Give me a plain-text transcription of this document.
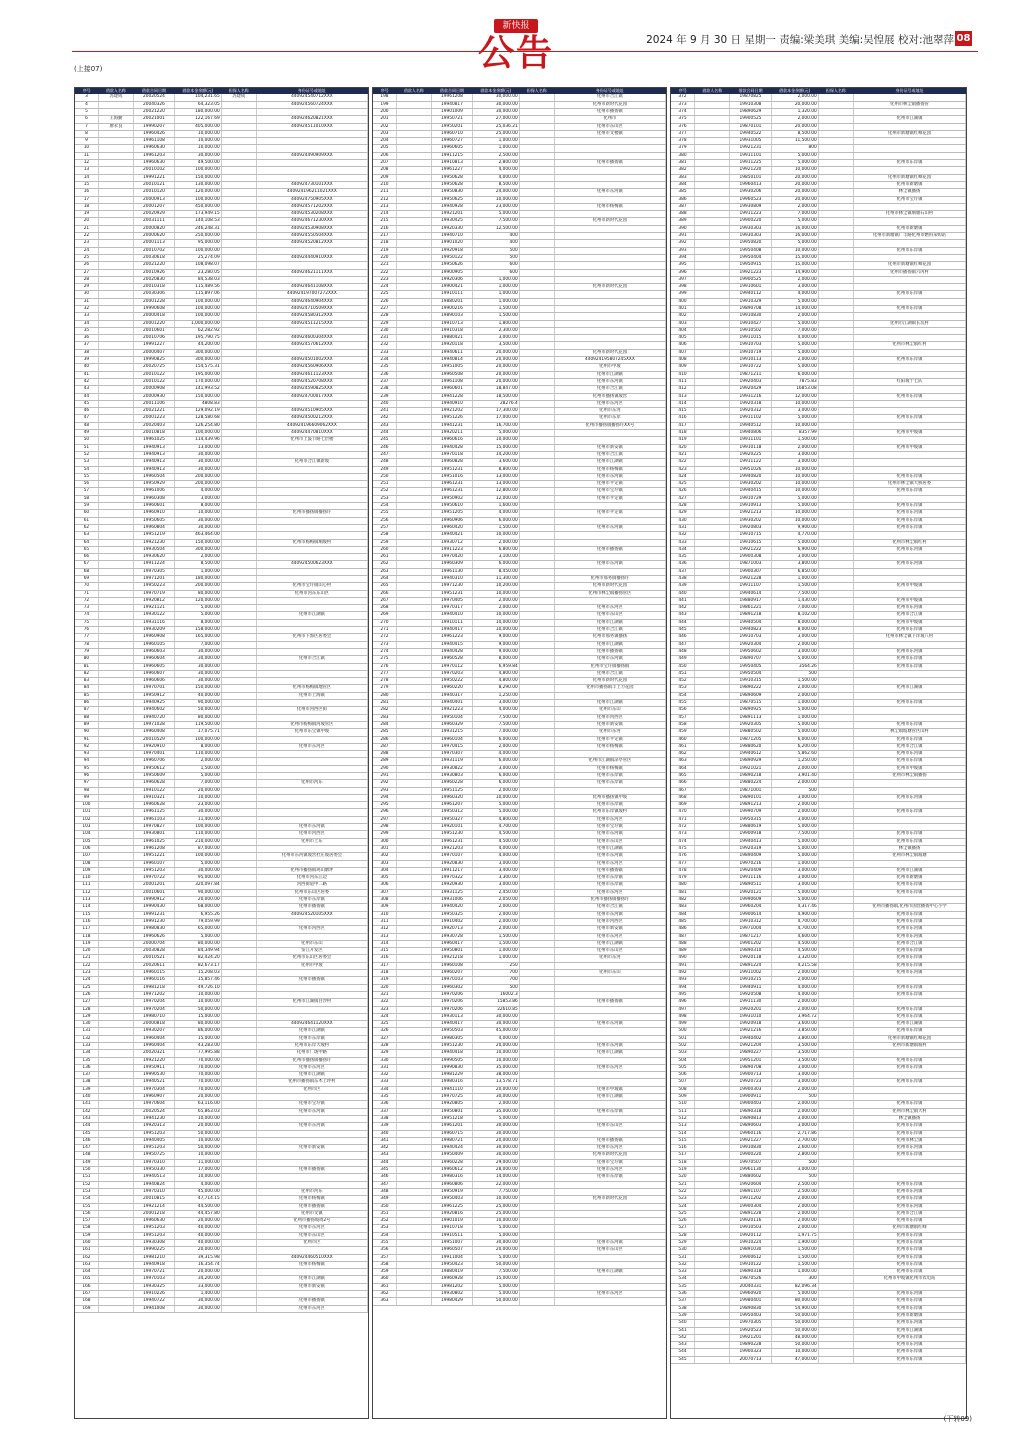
新快报
公告	2024 年 9 月 30 日 星期一 责编:梁美琪 美编:吴惶展 校对:池翠萍 08
(上接07)
序号	借款人名称	借款合同日期	借款本金余额(元)	担保人名称	身份证号或地址
3	苏建成	20020524	104,231.65	苏建成	440924540712XXX
4		20040326	64,323.05		440924560724XXX
5		20021220	180,000.00		
6	王海勤	20021001	122,167.69		440924620821XXX
7	廖永良	19990207	405,000.00		440924511010XXX
8		19960426	10,000.00		
9		19961108	10,000.00		
10		19960630	10,000.00		
11		19961203	30,000.00		440924490909XXX
12		19960630	49,500.00		
13		20010102	100,000.00		
14		19991221	150,000.00		
15		20010121	130,000.00		440924730101XXX
16		20010120	120,000.00		440924196211021XXX
17		20000913	100,000.00		440924750905XXX
18		20001207	450,000.00		440924571202XXX
19		20020929	173,949.15		440924530208XXX
20		20031111	140,108.53		440924671230XXX
21		20000820	246,248.31		440924530908XXX
22		20000620	250,000.00		440924550504XXX
23		20001113	95,000.00		440924520812XXX
24		20010702	100,000.00		
25		20030618	25,274.09		440924440910XXX
26		20021220	108,098.07		
27		20010926	23,280.05		440924621111XXX
28		20020830	84,538.03		
29		20010318	115,489.56		440924641108XXX
30		20030306	115,897.06		440924197007272XXX
31		20001228	100,000.00		440924640904XXX
32		19990608	100,000.00		440924710509XXX
33		20000418	100,000.00		440924580312XXX
34		20001220	1,000,000.00		440924511215XXX
35		20010601	62,282.92		
36		20010706	195,790.75		440924600304XXX
37		19991227	44,200.00		440924570612XXX
38		20000407	300,000.00		
39		19990825	300,000.00		440924501002XXX
40		20020725	154,575.31		440924560906XXX
41		20010122	195,000.00		440924611123XXX
42		20010122	170,000.00		440924520708XXX
43		20000908	141,993.52		440924590825XXX
44		20000930	150,000.00		440924700017XXX
45		20011106	4808.83		
46		20021221	129,092.19		440924510905XXX
47		20001223	128,580.68		440924500212XXX
48		20020403	126,254.80		440924196609062XXX
49		20010818	100,000.00		440924470810XXX
50		19961025	114,439.96		化州市上鼓节路七层楼
51		19940913	13,000.00		
52		19940913	30,000.00		
53		19940913	30,000.00		化州市合江镇新坡
54		19940913	30,000.00		
55		19960504	200,000.00		
56		19950929	200,000.00		
57		19961006	4,000.00		
58		19960308	3,000.00		
59		19960601	8,000.00		
60		19960910	10,000.00		化州市播扬镇播扬圩
61		19950605	30,000.00		
62		19960804	30,000.00		
63		19951219	463,464.00		
64		19921230	150,000.00		化州市杨梅镇垌坡村
65		19930504	300,000.00		
66		19930620	2,000.00		
67		19911224	8,500.00		440924500623XXX
68		19970305	1,000.00		
69		19971201	180,000.00		
70		19950223	200,000.00		化州市宝圩镇山心村
71		19970719	80,000.00		化州市河东东山区
72		19920812	120,000.00		
73		19921121	5,000.00		
74		19930122	5,000.00		化州市江湖镇
75		19931116	8,000.00		
76		19930209	158,000.00		
77		19960908	165,000.00		化州市下郭区居委会
78		19960105	7,000.00		
79		19960603	30,000.00		
80		19960604	30,000.00		化州市合江镇
81		19960605	30,000.00		
82		19960607	30,000.00		
83		19960606	30,000.00		
84		19970701	150,000.00		化州市杨梅镇地管区
85		19950912	40,000.00		化州市上海镇
86		19940925	90,000.00		
87		19940602	50,000.00		化州市河西区街
88		19940720	80,000.00		
89		19971028	119,500.00		化州市杨梅镇河坡管区
90		19960408	17,075.71		化州市东宝镇中坡
91		20010529	100,000.00		
92		19920910	8,000.00		化州市东河区
93		19970401	110,000.00		
94		19960706	2,000.00		
95		19950612	1,500.00		
96		19950609	5,000.00		
97		19960628	7,000.00		化州市河东
98		19910122	20,000.00		
99		19910321	10,000.00		
100		19960628	23,000.00		
101		19961125	30,000.00		
102		19961103	11,400.00		
103		19970827	100,000.00		化州市东河镇
104		19930801	110,000.00		化州市河西区
105		19961025	210,000.00		化州市上东
106		19961208	87,000.00		
107		19951221	100,000.00		化州市东河镇坡营杜庄坡居委会
108		19960107	5,000.00		
109		19951203	30,000.00		化州市播扬镇鸡山塘坪
110		19970722	95,000.00		化州市河东江边
111		20001201	320,097.84		河西街道中二路
112		20010601	90,000.00		化州市东山区居委
113		19990912	20,000.00		化州市东岸镇
114		19990430	68,000.00		化州市播扬镇
115		19991231	6,955.26		440924520105XXX
116		19991230	79,059.99		
117		19980830	65,000.00		化州市河西区
118		19960626	5,000.00		
119		20000704	80,000.00		化州市东山
120		20030828	84,349.94		鉴江开发区
121		20010521	82,424.20		化州市东山区居委会
122		20020611	82,673.17		化州市中坡
123		19960115	15,208.03		
124		19960116	15,857.46		化州市播扬镇
125		19981218	49,726.10		
126		19971202	10,000.00		
127		19970204	10,000.00		化州市江湖镇白沙村
128		19970204	50,000.00		
129		19980710	15,000.00		
130		20000818	80,000.00		440924641120XXX
131		19930207	86,000.00		化州市江湖镇
132		19960404	15,000.00		化州市东岸镇
133		19960404	43,283.00		化州市东岸大坡村
134		20020321	77,995.88		化州市广场中路
135		19921220	70,000.00		化州市播扬镇播扬圩
136		19950911	70,000.00		化州市东河区
137		19990530	70,000.00		化州市江湖镇
138		19940521	70,000.00		化州市播扬镇东木上坪村
139		19970304	70,000.00		化州市区
140		19960907	20,000.00		
141		19970604	63,116.00		化州市宝圩镇
142		20020524	65,863.03		化州市东河镇
143		19941230	10,000.00		
144		19920313	20,000.00		化州市东河镇
145		19951203	50,000.00		
146		19940405	10,000.00		
147		19951203	50,000.00		化州市新安镇
148		19950725	10,000.00		
149		19970310	11,000.00		
150		19950330	17,000.00		化州市播扬镇
151		19940513	10,000.00		
152		19940824	4,000.00		
153		19970310	45,000.00		化州市河东
154		20010815	47,714.15		化州市杨梅镇
155		19921214	44,500.00		化州市播扬镇
156		20001218	44,457.80		化州市文镇
157		19960630	20,000.00		化州市播扬坡周2号
158		19951203	40,000.00		化州市东河区
159		19951203	40,000.00		化州市东山区
160		19930308	40,000.00		化州市区
161		19990225	20,000.00		
162		19981210	39,315.98		440924460510XXX
163		19940918	16,354.74		化州市杨梅镇
164		19970721	20,000.00		
165		19970103	34,200.00		化州市江湖镇
166		19930325	33,000.00		化州市新安镇
167		19910226	1,400.00		
168		19940722	30,000.00		化州市播扬镇
169		19941008	30,000.00		化州市东河区
序号	借款人名称	借款合同日期	借款本金余额(元)	担保人名称	身份证号或地址
198		19961208	30,000.00		化州市合江镇
199		19940817	30,000.00		化州市新时代花园
200		19901009	30,000.00		化州市播扬镇
201		19950721	27,000.00		化州市
202		19950201	25,036.21		化州市东山区
203		19960710	25,000.00		化州市文楼镇
204		19960727	1,000.00		
205		19960605	1,000.00		
206		19911215	2,500.00		
207		19910813	2,800.00		化州市播扬镇
208		19961227	4,000.00		
209		19950628	4,000.00		
210		19950628	8,500.00		
211		19950830	24,000.00		化州市东河镇
212		19950625	10,000.00		
213		19940928	23,000.00		化州市杨梅镇
214		19921201	5,000.00		
215		19930425	7,500.00		化州市新时代花园
216		19920330	12,500.00		
217		19940710	400		
218		19901020	400		
219		19920918	500		
220		19950122	500		
221		19950626	600		
222		19900905	600		
223		19920306	1,000.00		
224		19900421	1,000.00		化州市新时代花园
225		19910111	1,000.00		
226		19880201	1,000.00		
227		19900216	1,500.00		
228		19890103	1,500.00		
229		19910713	1,800.00		
230		19910318	2,300.00		
231		19880421	3,000.00		
232		19920118	3,500.00		
233		19940611	20,000.00		化州市新时代花园
234		19940814	20,000.00		440924195807245XXX
235		19951005	20,000.00		化州市中坡
236		19960508	20,000.00		化州市江湖镇
237		19961108	20,000.00		化州市东河镇
238		19960601	18,847.00		化州市合江镇
239		19941228	18,500.00		化州市播扬镇坡营
240		19940910	28276.4		化州市东河区
241		19921202	17,300.00		化州市东河
242		19951226	17,000.00		化州市东岸
243		19941231	16,700.00		化州市播扬镇播扬圩XX号
244		19920211	5,000.00		
245		19960616	10,000.00		
246		19940428	15,000.00		化州市新安镇
247		19970118	14,200.00		化州市合江镇
248		19960828	3,600.00		化州市江湖镇
249		19951231	8,800.00		化州市杨梅镇
250		19951016	13,000.00		化州市东河镇
251		19961231	13,000.00		化州市平定镇
252		19961231	12,800.00		化州市宝圩镇
253		19950902	12,000.00		化州市平定镇
254		19950610	1,600.00		
255		19951205	4,000.00		化州市平定镇
256		19960906	6,000.00		
257		19960420	1,500.00		化州市东河镇
258		19940421	10,000.00		
259		19930712	2,000.00		
260		19911223	6,800.00		化州市播扬镇
261		19970420	3,100.00		
262		19960309	6,000.00		化州市东河镇
263		19961130	8,450.00		
264		19940310	11,300.00		化州市那务镇播扬圩
265		19971230	10,200.00		化州市新时代花园
266		19951231	10,000.00		化州市林尘镇播扬管区
267		19970405	2,000.00		
268		19970317	2,000.00		化州市东河区
269		19940410	10,000.00		化州市东山区
270		19910111	10,000.00		化州市江湖镇
271		19940417	10,000.00		化州市合江镇
272		19961223	9,000.00		化州市那务镇播扬
273		19940415	9,000.00		化州市江湖镇
274		19940428	9,000.00		化州市播扬镇
275		19960528	8,000.00		化州市东河镇
276		19970112	6,959.84		化州市宝圩镇播扬镇
277		19970203	4,800.00		化州市合江镇
278		19950222	4,800.00		化州市新时代花园
279		19960220	8,290.00		化州市播扬镇丰上力花园
280		19940317	1,250.00		
281		19940401	3,000.00		化州市江湖镇
282		19921223	4,000.00		化州市东山
283		19950104	7,500.00		化州市河西区
284		19960329	7,500.00		化州市新安镇
285		19931215	7,000.00		化州市东河
286		19960104	6,000.00		化州市平定镇
287		19970415	2,000.00		化州市杨梅镇
288		19970307	4,000.00		
289		19931119	6,000.00		化州市江湖镇凉亭管区
290		19930822	3,000.00		化州市杨梅镇
291		19930803	6,000.00		化州市东岸镇
292		19960228	6,000.00		化州市东岸镇
293		19951125	2,000.00		
294		19960320	10,000.00		化州市播扬镇中坡
295		19961207	5,000.00		化州市东岸镇
296		19950312	5,000.00		化州市东岸镇坡村
297		19950327	4,800.00		化州市东河区
298		19920101	4,700.00		化州市宝圩镇
299		19951230	4,500.00		化州市东河镇
300		19961231	4,500.00		化州市东山区
301		19921203	4,000.00		化州市江湖镇
302		19970107	4,000.00		化州市东河镇
303		19920830	3,000.00		化州市东河区
304		19911217	3,400.00		化州市播扬镇
305		19970322	3,300.00		化州市东岸镇
306		19920930	3,000.00		化州市东岸镇
307		19931125	2,450.00		化州市东河区
308		19931006	2,050.00		化州市播扬镇播扬圩
309		19940420	2,000.00		化州市合江镇
310		19950325	2,000.00		化州市东河镇
311		19910402	2,000.00		化州市河西区
312		19920713	2,000.00		化州市新安镇
313		19930728	1,500.00		化州市东河区
314		19960417	1,500.00		化州市江湖镇
315		19950801	1,000.00		化州市东山区
316		19921218	1,000.00		化州市东河
317		19960108	250		
318		19960207	700		化州市东山
319		19970103	700		
320		19960302	500		
321		19970206	16002.3		
322		19970206	15853.86		化州市播扬镇
323		19970206	22610.85		
324		19930113	30,000.00		
325		19940417	30,000.00		化州市东河镇
326		19950503	45,000.00		
327		19980305	4,000.00		
328		19951230	20,000.00		化州市东河镇
329		19940418	10,000.00		化州市江湖镇
330		19990505	10,000.00		
331		19990830	35,000.00		化州市东河区
332		19981229	38,000.00		
333		19980316	13,578.71		
334		19941110	20,000.00		化州市中坡镇
335		19970725	30,000.00		化州市江湖镇
336		19920805	2,000.00		
337		19950801	35,000.00		化州市东岸镇
338		19951218	5,000.00		
339		19961201	30,000.00		化州市东山区
340		19960715	30,000.00		
341		19980721	20,000.00		化州市播扬镇
342		19940424	30,000.00		化州市东河区
343		19950409	30,000.00		化州市新时代花园
344		19960228	29,000.00		化州市宝圩镇
345		19960612	28,000.00		化州市东河区
346		19980316	14,000.00		化州市东岸镇
347		19960806	22,000.00		
348		19950919	7,750.00		
349		19950403	10,000.00		化州市新时代花园
350		19961225	25,000.00		
351		19920816	25,000.00		
352		19901019	10,000.00		
353		19910718	5,000.00		
354		19910511	5,000.00		
355		19951007	30,000.00		化州市东河镇
356		19960507	20,000.00		化州市东山区
357		19911004	5,000.00		
358		19950423	50,000.00		
359		19880419	7,500.00		化州市江湖镇
360		19960928	15,000.00		
361		19981202	5,000.00		
362		19930802	5,000.00		化州市东河区
363		19980429	50,000.00		
序号	借款人名称	借款合同日期	借款本金余额(元)	担保人名称	身份证号或地址
372		19870825	2,000.00		
373		19910308	20,000.00		化州市林尘镇播扬管
374		19890629	1,320.00		
375		19900525	2,000.00		化州市江湖镇
376		19870101	20,000.00		
377		19940522	8,500.00		化州市新塘镇红峰花园
378		19931005	11,500.00		
379		19921231	800		
380		19911101	5,000.00		
381		19911225	5,000.00		化州市东岸镇
382		19921220	10,000.00		
383		19850101	20,000.00		化州市新塘镇红峰花园
384		19960413	20,000.00		化州市新塘镇
385		19930206	20,000.00		林尘镇播扬
386		19960523	20,000.00		化州市宝圩镇
387		19930809	2,000.00		
388		19911223	7,000.00		化州市林尘镇垌塘石山村
389		19900220	5,000.00		
390		19930303	16,000.00		化州市新塘镇
391		19930303	16,000.00		化州市新塘镇广丰路化州市燃料采购站
392		19950820	5,000.00		
393		19950408	10,000.00		化州市东岸镇
394		19950404	15,000.00		
395		19950915	15,000.00		化州市新塘镇红峰花园
396		19921223	14,900.00		化州市播扬镇六丙村
397		19900525	2,000.00		
398		19910601	3,000.00		
399		19940112	4,000.00		化州市东岸镇
400		19910329	5,000.00		
401		19890708	14,000.00		化州市东岸镇
402		19910830	2,000.00		
403		19910427	5,000.00		化州市江湖镇长坑村
404		19910502	7,000.00		
405		19911015	4,000.00		
406		19910703	5,000.00		化州市林尘镇红村
407		19910719	5,000.00		
408		19910113	2,000.00		化州市东岸镇
409		19910722	5,000.00		
410		19871211	6,000.00		
411		19920403	7875.83		红阳坡十七队
412		19920429	16853.08		
413		19931216	12,000.00		化州市东岸镇
414		19920318	10,000.00		
415		19920312	3,000.00		
416		19911102	5,000.00		化州市东岸镇
417		19940512	10,000.00		
418		19940806	8357.99		化州市中坡镇
419		19911101	1,500.00		
420		19910118	2,000.00		化州市中坡镇
421		19920225	3,000.00		
422		19911122	3,000.00		
423		19951026	10,000.00		
424		19940820	10,000.00		化州市东岸镇
425		19930202	10,000.00		化州市林尘镇大桥居委
426		19940415	10,000.00		化州市东岸镇
427		19910729	5,000.00		
428		19910913	5,000.00		化州市东岸镇
429		19921213	10,000.00		化州市东河镇
430		19930202	10,000.00		化州市东岸镇
431		19920803	9,900.00		化州市东岸镇
432		19910715	4,770.00		
433		19910615	5,000.00		化州市林尘镇红村
434		19921222	6,900.00		化州市东河镇
435		19900308	3,000.00		
436		19871003	3,800.00		化州市东河镇
437		19900307	6,850.00		
438		19921228	1,000.00		
439		19911107	1,500.00		化州市中坡镇
440		19940614	7,500.00		
441		19880917	1,430.00		化州市中坡镇
442		19861221	7,000.00		化州市东河镇
443		19891218	8,102.00		化州市合江镇
444		19940504	8,000.00		化州市中坡镇
445		19940823	8,000.00		化州市东岸镇
446		19910703	3,000.00		化州市林尘镇下洋坡八村
447		19920304	2,000.00		
448		19950602	3,000.00		化州市东河镇
449		19890707	5,000.00		化州市东岸镇
450		19950405	3564.26		化州市东岸镇
451		19950504	500		
452		19910315	1,500.00		
453		19890222	2,000.00		化州市江湖镇
454		19890609	2,000.00		
455		19870515	1,000.00		化州市东岸镇
456		19890925	5,000.00		
457		19891113	1,000.00		
458		19920305	5,000.00		化州市东岸镇
459		19880502	5,000.00		林尘镇坡塘管区山村
460		19871205	6,000.00		化州市东岸镇
461		19880620	6,200.00		化州市合江镇
462		19940612	5,862.60		化州市东河镇
463		19890929	1,250.00		化州市东岸镇
464		19921021	2,000.00		化州市中坡镇
465		19890218	3,901.40		化州市林尘镇播扬
466		19880224	2,000.00		
467		19871001	500		
468		19890101	3,000.00		化州市东河镇
469		19891213	2,000.00		
470		19990709	2,000.00		化州市东岸镇
471		19950315	3,000.00		
472		19880619	5,000.00		
473		19900918	7,500.00		化州市东岸镇
474		19940413	5,000.00		化州市东岸镇
475		19920319	5,000.00		林尘镇播扬
476		19890409	5,000.00		化州市林尘镇坡塘
477		19970216	1,000.00		
478		19920409	3,000.00		化州市江湖镇
479		19911116	3,000.00		化州市新塘镇
480		19890511	3,000.00		化州市东岸镇
481		19920121	5,000.00		化州市东岸镇
482		19990609	5,000.00		
483		19960204	4,317.46		化州市播扬镇,化州市国营播扬中心小学
484		19900614	4,900.00		化州市东岸镇
485		19910312	4,700.00		化州市东岸镇
486		19971004	4,700.00		化州市东河镇
487		19871217	4,600.00		化州市东河镇
488		19901202	4,500.00		化州市合江镇
489		19890310	4,500.00		化州市东岸镇
490		19920118	3,320.00		化州市东岸镇
491		19891224	4,215.58		化州市东岸镇
492		19911002	2,000.00		化州市东河镇
493		19910215	2,000.00		
494		19940911	4,000.00		化州市东岸镇
495		19920508	4,000.00		化州市东岸镇
496		19911130	2,000.00		
497		19920201	2,000.00		化州市东岸镇
498		19931010	3,964.72		化州市东岸镇
499		19920918	3,600.00		化州市江湖镇
500		19921216	3,850.00		化州市东岸镇
501		19940402	3,800.00		化州市新塘镇红峰花园
502		19921204	3,500.00		化州市新塘镇坡村
503		19890227	3,500.00		
504		19951201	3,500.00		化州市东岸镇
505		19890708	3,000.00		化州市东岸镇
506		19900713	3,000.00		
507		19920723	3,000.00		化州市东岸镇
508		19900303	2,000.00		
509		19900911	500		
510		19900403	2,000.00		化州市东岸镇
511		19890318	2,000.00		化州市林尘镇大村
512		19890813	3,000.00		林尘镇播扬
513		19890603	3,000.00		化州市东岸镇
514		19960116	2,717.86		化州市东岸镇
515		19921227	2,700.00		化州市林尘镇
516		19910830	2,600.00		化州市东河镇
517		19900220	2,800.00		化州市东岸镇
518		19970507	500		
519		19961130	3,000.00		
520		19880602	500		
521		19920604	2,500.00		化州市东岸镇
522		19891107	2,500.00		化州市东河镇
523		19911202	2,000.00		化州市东岸镇
524		19900304	2,000.00		化州市东河镇
525		19891228	2,000.00		化州市合江镇
526		19920116	2,000.00		化州市东岸镇
527		19910503	2,000.00		化州市新塘镇红峰
528		19920112	1,971.75		化州市东岸镇
529		19910224	1,900.00		化州市东岸镇
530		19891030	1,500.00		化州市东岸镇
531		19900612	1,500.00		化州市东岸镇
532		19910122	1,500.00		化州市东岸镇
533		19890318	1,000.00		化州市东岸镇
534		19870526	300		化州市中坡镇化州市农电站
535		20040331	82,096.34		
536		19960920	5,000.00		化州市东河镇
537		19980401	80,000.00		化州市东岸镇
538		19890830	54,900.00		化州市东岸镇
539		19950403	50,000.00		化州市新塘镇
540		19970305	50,000.00		化州市东河镇
541		19920523	50,000.00		化州市江湖镇
542		19921201	48,000.00		化州市东岸镇
543		19890228	50,000.00		化州市东河镇
544		19900323	10,000.00		化州市东岸镇
545		20070713	47,000.00		化州市东岸镇
(下转09)
